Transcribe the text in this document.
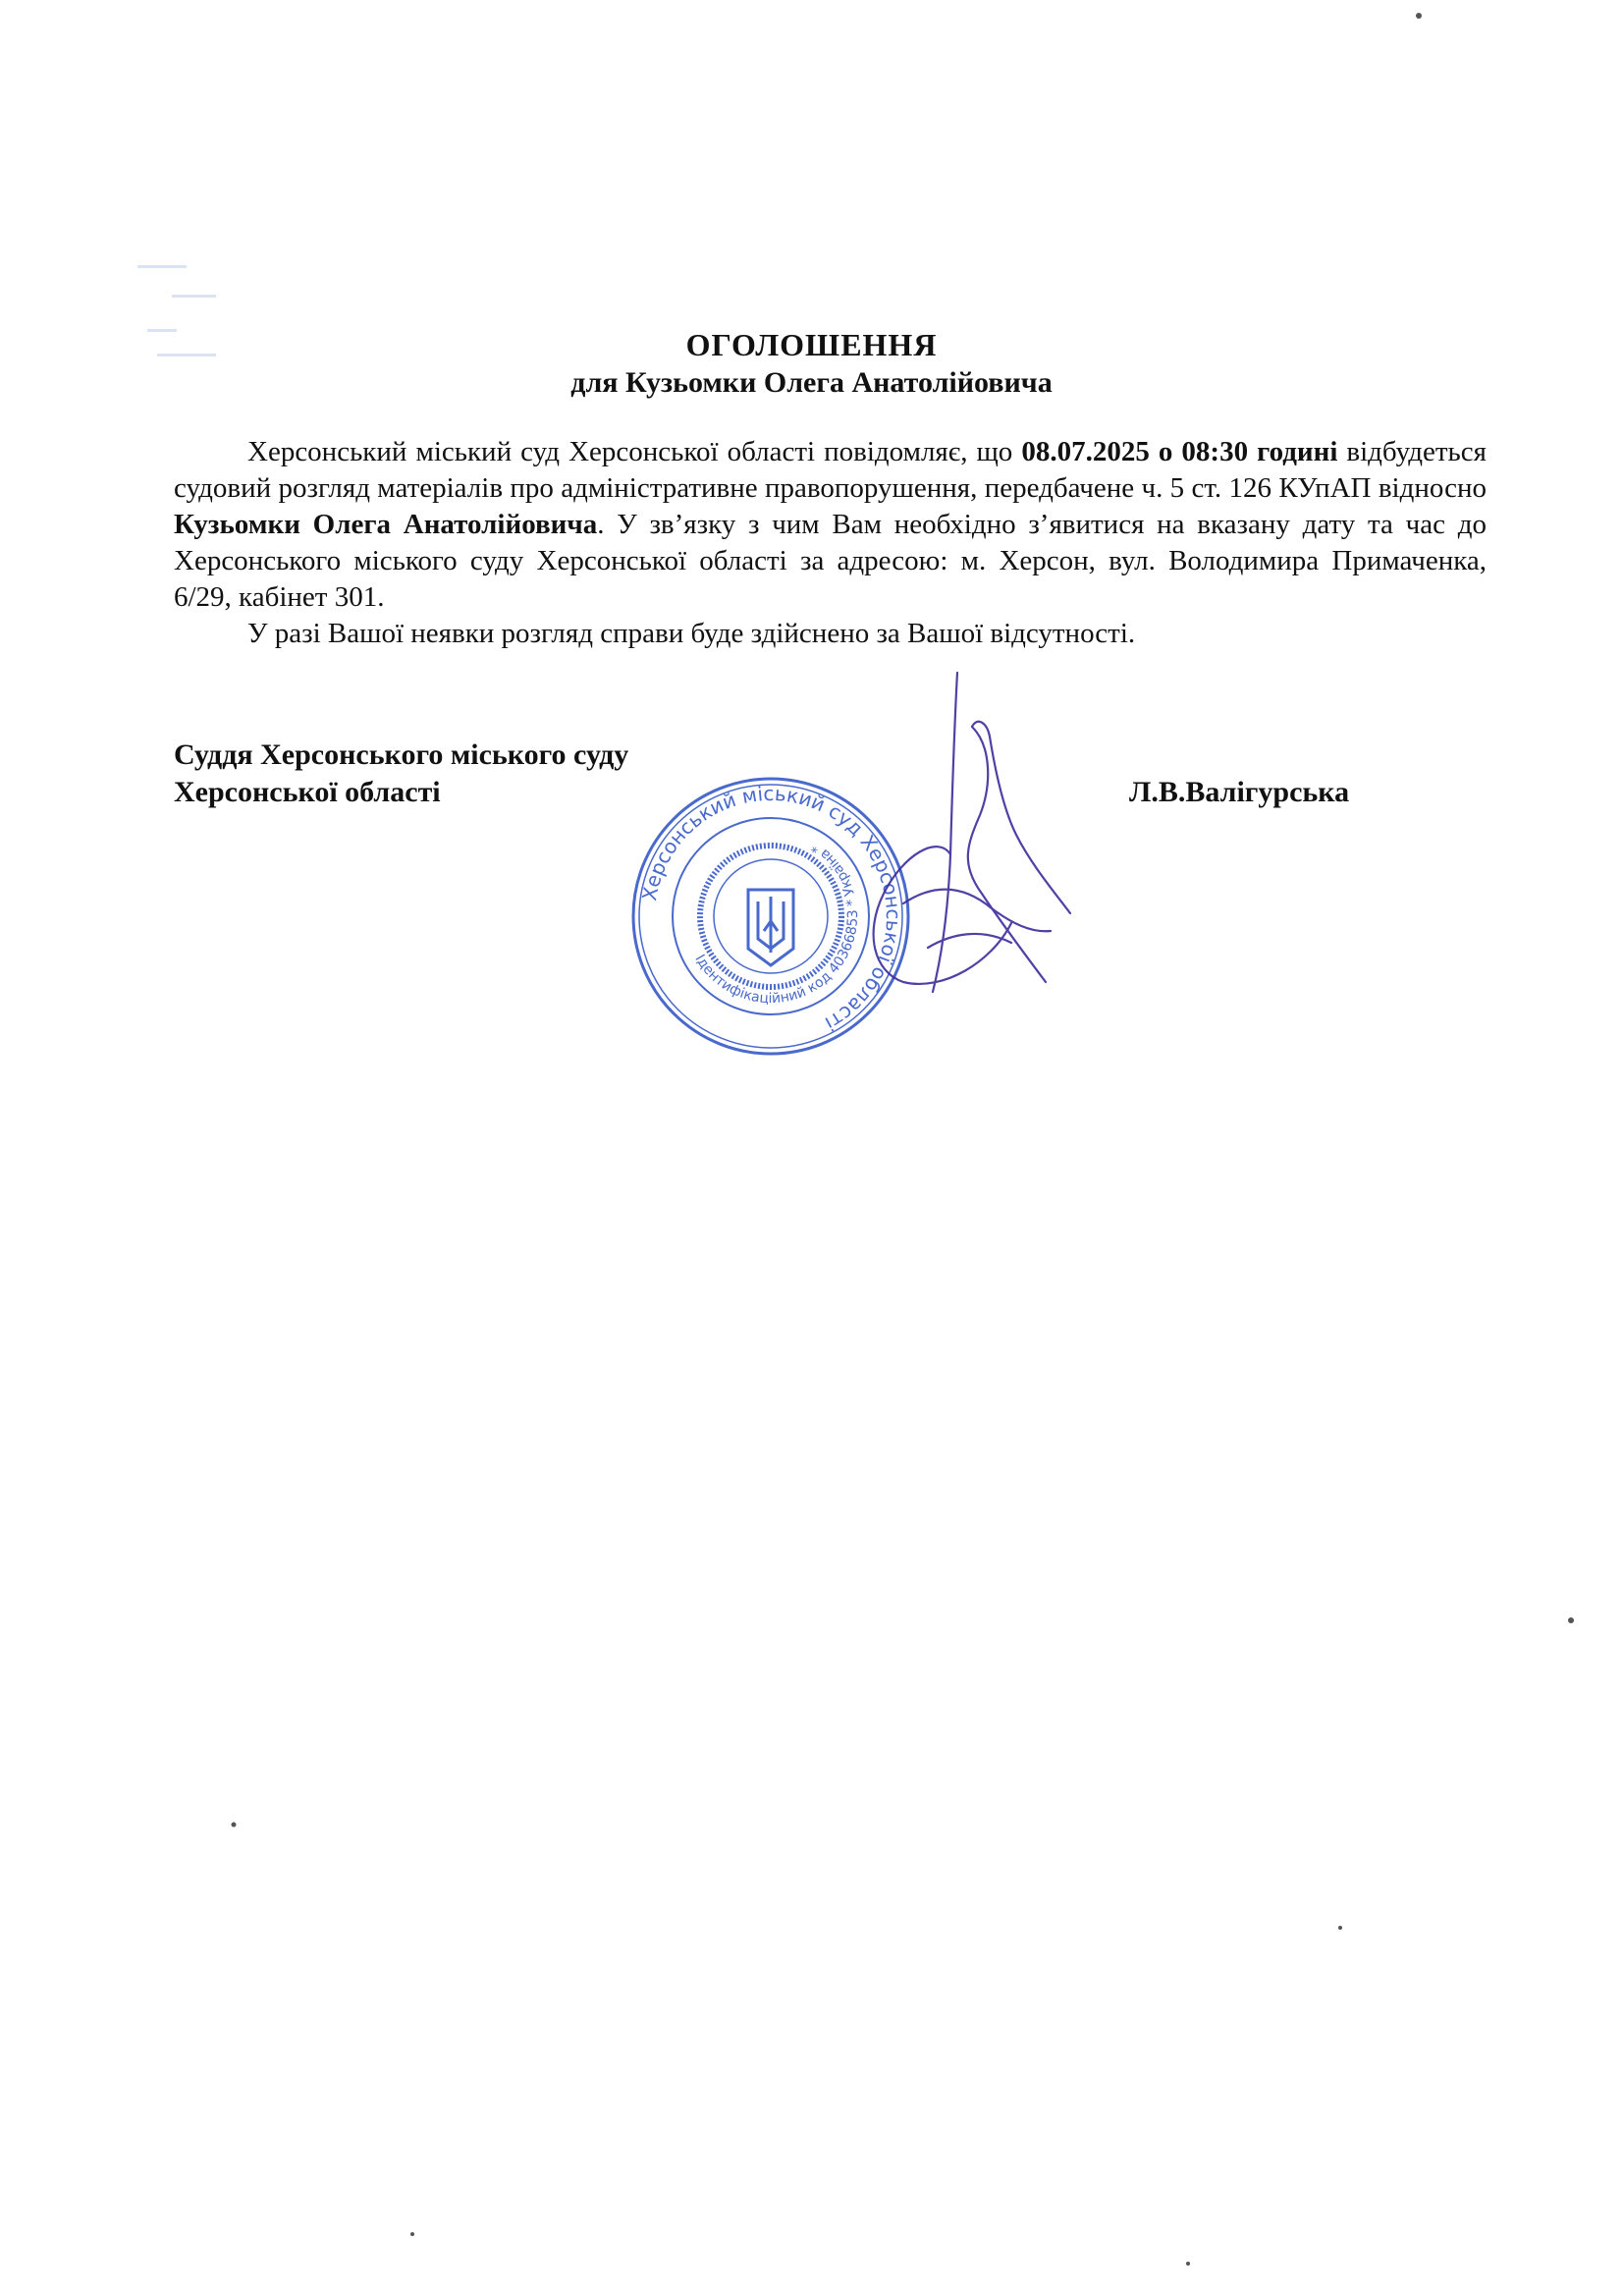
ОГОЛОШЕННЯ
для Кузьомки Олега Анатолійовича
Херсонський міський суд Херсонської області повідомляє, що 08.07.2025 о 08:30 годині відбудеться судовий розгляд матеріалів про адміністративне правопорушення, передбачене ч. 5 ст. 126 КУпАП відносно Кузьомки Олега Анатолійовича. У зв’язку з чим Вам необхідно з’явитися на вказану дату та час до Херсонського міського суду Херсонської області за адресою: м. Херсон, вул. Володимира Примаченка, 6/29, кабінет 301.
У разі Вашої неявки розгляд справи буде здійснено за Вашої відсутності.
Суддя Херсонського міського суду
Херсонської області	Л.В.Валігурська
Херсонський міський суд Херсонської області
Ідентифікаційний код 40366853 * Україна *
